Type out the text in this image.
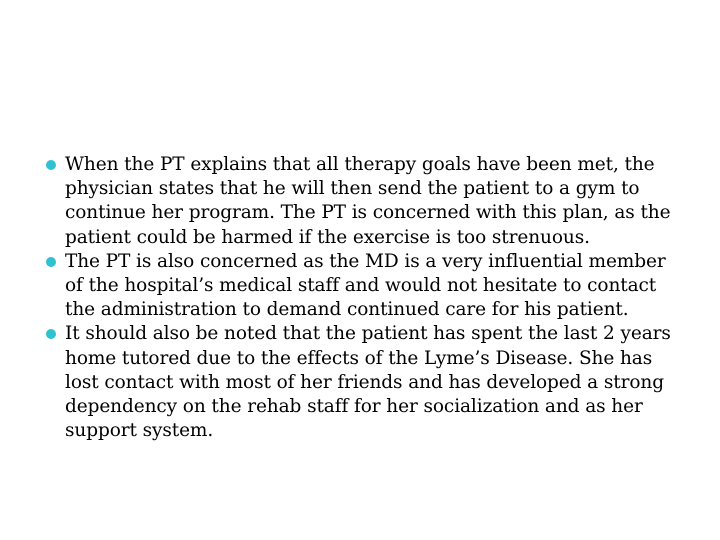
When the PT explains that all therapy goals have been met, the physician states that he will then send the patient to a gym to continue her program. The PT is concerned with this plan, as the patient could be harmed if the exercise is too strenuous.
The PT is also concerned as the MD is a very influential member of the hospital’s medical staff and would not hesitate to contact the administration to demand continued care for his patient.
It should also be noted that the patient has spent the last 2 years home tutored due to the effects of the Lyme’s Disease. She has lost contact with most of her friends and has developed a strong dependency on the rehab staff for her socialization and as her support system.
